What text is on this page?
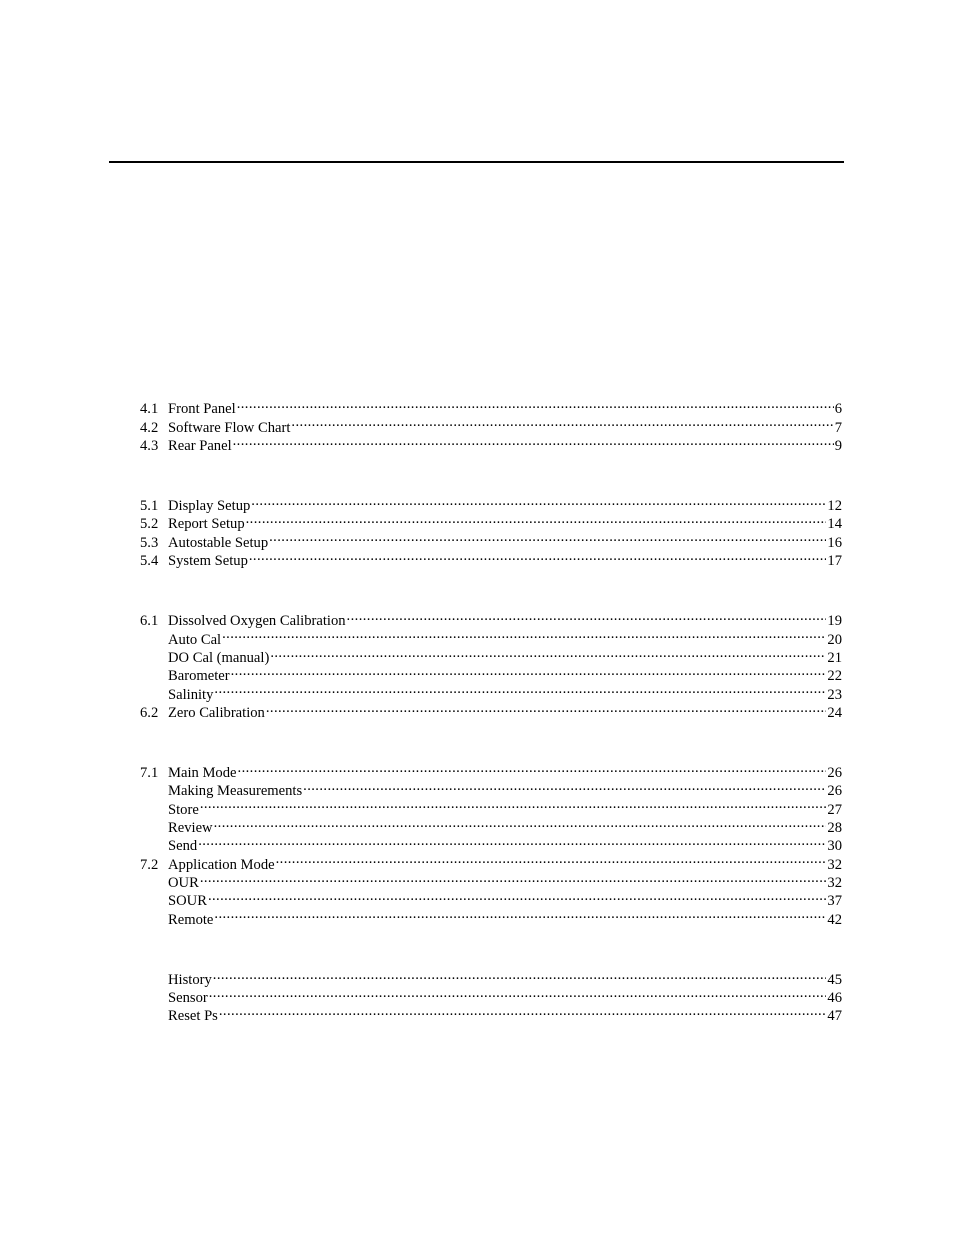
4.1 Front Panel .....	6
4.2 Software Flow Chart .....	7
4.3 Rear Panel .....	9
5.1 Display Setup .....	12
5.2 Report Setup .....	14
5.3 Autostable Setup .....	16
5.4 System Setup .....	17
6.1 Dissolved Oxygen Calibration .....	19
Auto Cal .....	20
DO Cal (manual) .....	21
Barometer .....	22
Salinity .....	23
6.2 Zero Calibration .....	24
7.1 Main Mode .....	26
Making Measurements .....	26
Store .....	27
Review .....	28
Send .....	30
7.2 Application Mode .....	32
OUR .....	32
SOUR .....	37
Remote .....	42
History .....	45
Sensor .....	46
Reset Ps .....	47
